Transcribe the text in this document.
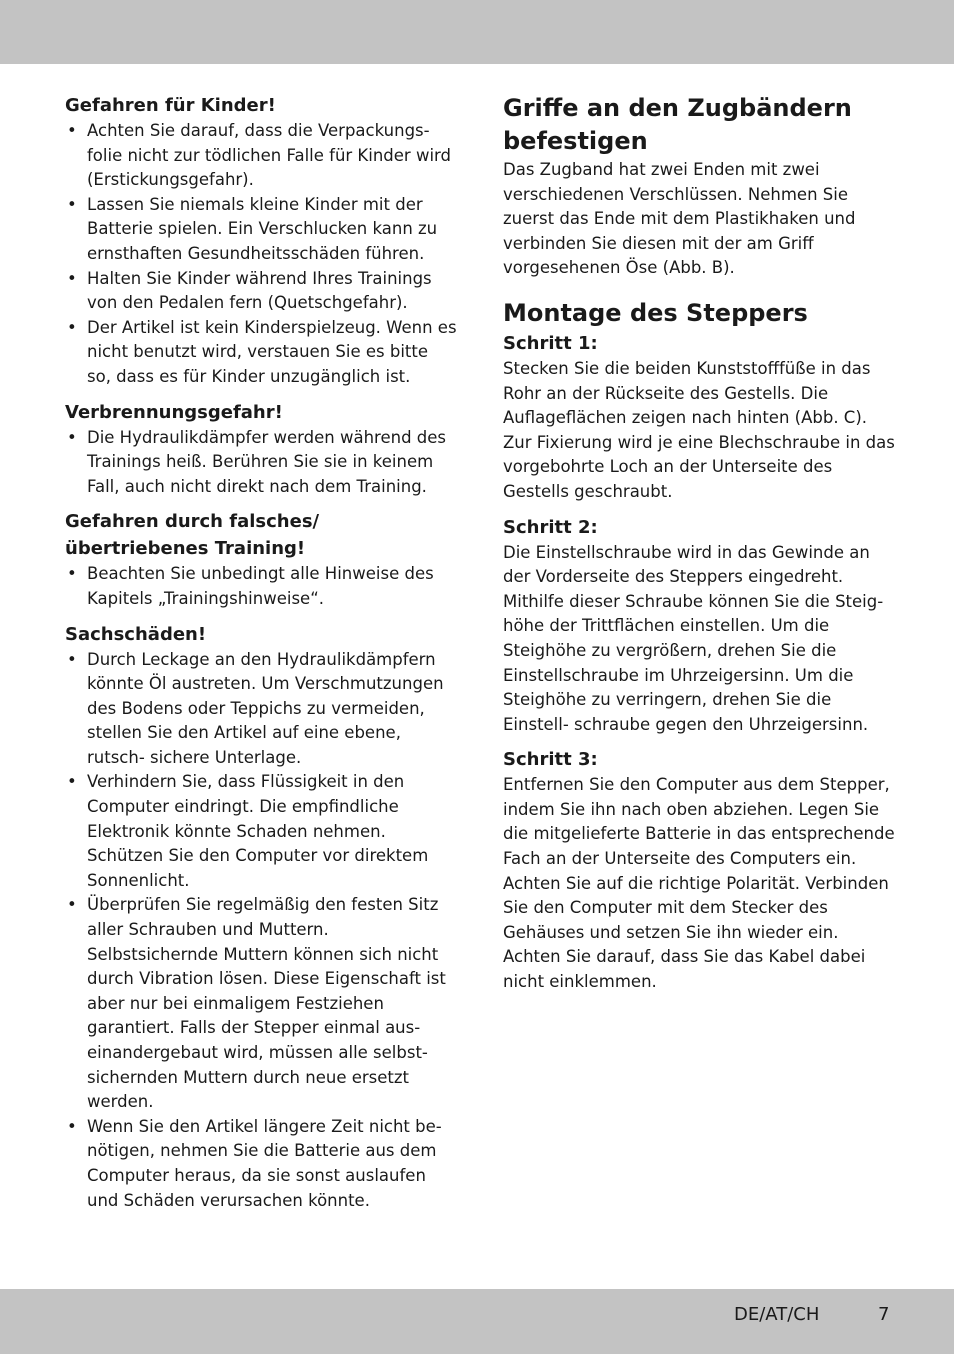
Gefahren für Kinder!

• Achten Sie darauf, dass die Verpackungs- folie nicht zur tödlichen Falle für Kinder wird (Erstickungsgefahr).
• Lassen Sie niemals kleine Kinder mit der Batterie spielen. Ein Verschlucken kann zu ernsthaften Gesundheitsschäden führen.
• Halten Sie Kinder während Ihres Trainings von den Pedalen fern (Quetschgefahr).
• Der Artikel ist kein Kinderspielzeug. Wenn es nicht benutzt wird, verstauen Sie es bitte so, dass es für Kinder unzugänglich ist.

Verbrennungsgefahr!

• Die Hydraulikdämpfer werden während des Trainings heiß. Berühren Sie sie in keinem Fall, auch nicht direkt nach dem Training.

Gefahren durch falsches/ übertriebenes Training!

• Beachten Sie unbedingt alle Hinweise des Kapitels „Trainingshinweise“.

Sachschäden!

• Durch Leckage an den Hydraulikdämpfern könnte Öl austreten. Um Verschmutzungen des Bodens oder Teppichs zu vermeiden, stellen Sie den Artikel auf eine ebene, rutsch- sichere Unterlage.
• Verhindern Sie, dass Flüssigkeit in den Computer eindringt. Die empfindliche Elektronik könnte Schaden nehmen. Schützen Sie den Computer vor direktem Sonnenlicht.
• Überprüfen Sie regelmäßig den festen Sitz aller Schrauben und Muttern. Selbstsichernde Muttern können sich nicht durch Vibration lösen. Diese Eigenschaft ist aber nur bei einmaligem Festziehen garantiert. Falls der Stepper einmal aus- einandergebaut wird, müssen alle selbst- sichernden Muttern durch neue ersetzt werden.
• Wenn Sie den Artikel längere Zeit nicht be- nötigen, nehmen Sie die Batterie aus dem Computer heraus, da sie sonst auslaufen und Schäden verursachen könnte.

Griffe an den Zugbändern befestigen

Das Zugband hat zwei Enden mit zwei verschiedenen Verschlüssen. Nehmen Sie zuerst das Ende mit dem Plastikhaken und verbinden Sie diesen mit der am Griff vorgesehenen Öse (Abb. B).

Montage des Steppers

Schritt 1:

Stecken Sie die beiden Kunststofffüße in das Rohr an der Rückseite des Gestells. Die Auflageflächen zeigen nach hinten (Abb. C). Zur Fixierung wird je eine Blechschraube in das vorgebohrte Loch an der Unterseite des Gestells geschraubt.

Schritt 2:

Die Einstellschraube wird in das Gewinde an der Vorderseite des Steppers eingedreht. Mithilfe dieser Schraube können Sie die Steig- höhe der Trittflächen einstellen. Um die Steighöhe zu vergrößern, drehen Sie die Einstellschraube im Uhrzeigersinn. Um die Steighöhe zu verringern, drehen Sie die Einstell- schraube gegen den Uhrzeigersinn.

Schritt 3:

Entfernen Sie den Computer aus dem Stepper, indem Sie ihn nach oben abziehen. Legen Sie die mitgelieferte Batterie in das entsprechende Fach an der Unterseite des Computers ein. Achten Sie auf die richtige Polarität. Verbinden Sie den Computer mit dem Stecker des Gehäuses und setzen Sie ihn wieder ein. Achten Sie darauf, dass Sie das Kabel dabei nicht einklemmen.

DE/AT/CH	7
